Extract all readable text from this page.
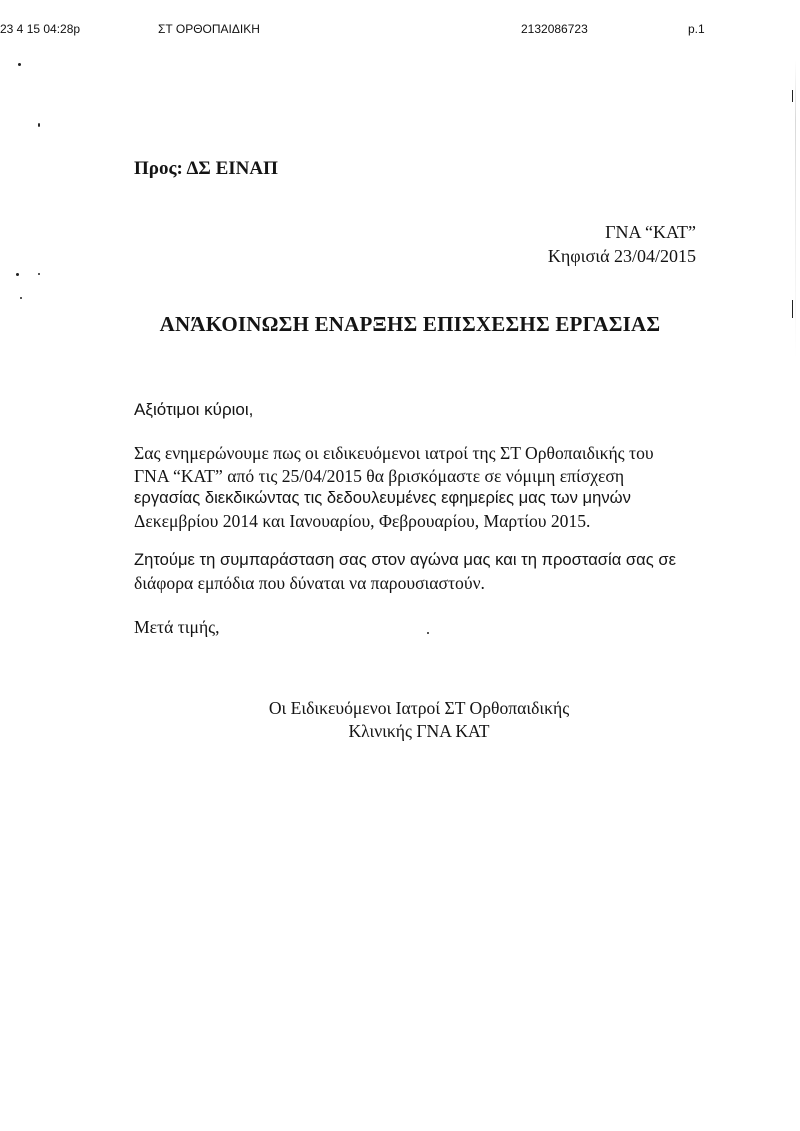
23 4 15 04:28p	ΣΤ ΟΡΘΟΠΑΙΔΙΚΗ	2132086723	p.1
Προς: ΔΣ ΕΙΝΑΠ
ΓΝΑ “ΚΑΤ”
Κηφισιά 23/04/2015
ΑΝΆΚΟΙΝΩΣΗ ΕΝΑΡΞΗΣ ΕΠΙΣΧΕΣΗΣ ΕΡΓΑΣΙΑΣ
Αξιότιμοι κύριοι,
Σας ενημερώνουμε πως οι ειδικευόμενοι ιατροί της ΣΤ Ορθοπαιδικής του
ΓΝΑ “ΚΑΤ” από τις 25/04/2015 θα βρισκόμαστε σε νόμιμη επίσχεση
εργασίας διεκδικώντας τις δεδουλευμένες εφημερίες μας των μηνών
Δεκεμβρίου 2014 και Ιανουαρίου, Φεβρουαρίου, Μαρτίου 2015.
Ζητούμε τη συμπαράσταση σας στον αγώνα μας και τη προστασία σας σε
διάφορα εμπόδια που δύναται να παρουσιαστούν.
Μετά τιμής,
Οι Ειδικευόμενοι Ιατροί ΣΤ Ορθοπαιδικής
Κλινικής ΓΝΑ ΚΑΤ
